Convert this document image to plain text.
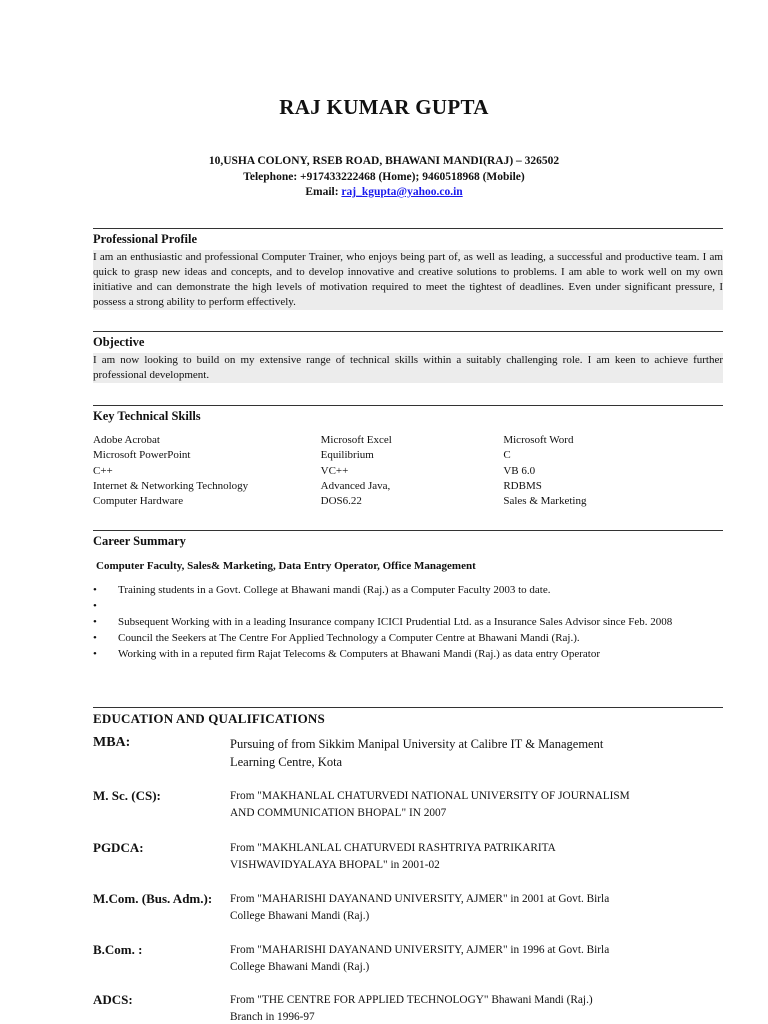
RAJ KUMAR GUPTA
10,USHA COLONY, RSEB ROAD, BHAWANI MANDI(RAJ) – 326502
Telephone: +917433222468 (Home); 9460518968 (Mobile)
Email: raj_kgupta@yahoo.co.in
Professional Profile
I am an enthusiastic and professional Computer Trainer, who enjoys being part of, as well as leading, a successful and productive team. I am quick to grasp new ideas and concepts, and to develop innovative and creative solutions to problems. I am able to work well on my own initiative and can demonstrate the high levels of motivation required to meet the tightest of deadlines. Even under significant pressure, I possess a strong ability to perform effectively.
Objective
I am now looking to build on my extensive range of technical skills within a suitably challenging role. I am keen to achieve further professional development.
Key Technical Skills
Adobe Acrobat	Microsoft Excel	Microsoft Word
Microsoft PowerPoint	Equilibrium	C
C++	VC++	VB 6.0
Internet & Networking Technology	Advanced Java,	RDBMS
Computer Hardware	DOS6.22	Sales & Marketing
Career Summary
Computer Faculty, Sales& Marketing, Data Entry Operator, Office Management
• Training students in a Govt. College at Bhawani mandi (Raj.) as a Computer Faculty 2003 to date.
•
• Subsequent Working with in a leading Insurance company ICICI Prudential Ltd. as a Insurance Sales Advisor since Feb. 2008
• Council the Seekers at The Centre For Applied Technology a Computer Centre at Bhawani Mandi (Raj.).
• Working with in a reputed firm Rajat Telecoms & Computers at Bhawani Mandi (Raj.) as data entry Operator
EDUCATION AND QUALIFICATIONS
MBA:	Pursuing of from Sikkim Manipal University at Calibre IT & Management
Learning Centre, Kota
M. Sc. (CS):	From "MAKHANLAL CHATURVEDI NATIONAL UNIVERSITY OF JOURNALISM
AND COMMUNICATION BHOPAL" IN 2007
PGDCA:	From "MAKHLANLAL CHATURVEDI RASHTRIYA PATRIKARITA
VISHWAVIDYALAYA BHOPAL" in 2001-02
M.Com. (Bus. Adm.): From "MAHARISHI DAYANAND UNIVERSITY, AJMER" in 2001 at Govt. Birla
College Bhawani Mandi (Raj.)
B.Com. :	From "MAHARISHI DAYANAND UNIVERSITY, AJMER" in 1996 at Govt. Birla
College Bhawani Mandi (Raj.)
ADCS:	From "THE CENTRE FOR APPLIED TECHNOLOGY" Bhawani Mandi (Raj.)
Branch in 1996-97
